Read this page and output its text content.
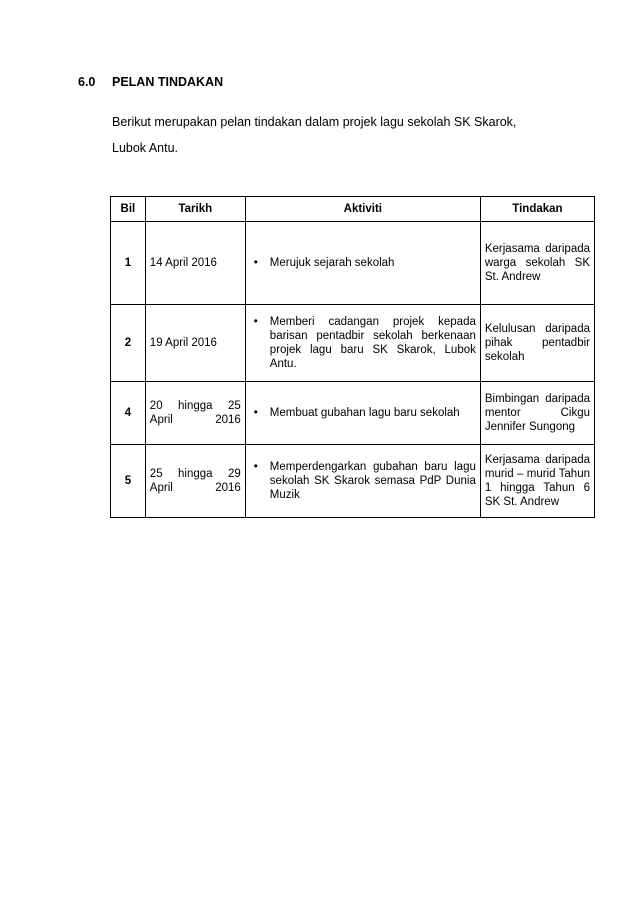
6.0	PELAN TINDAKAN
Berikut merupakan pelan tindakan dalam projek lagu sekolah SK Skarok,
Lubok Antu.
Bil	Tarikh	Aktiviti	Tindakan
1	14 April 2016	• Merujuk sejarah sekolah	Kerjasama daripada warga sekolah SK St. Andrew
2	19 April 2016	• Memberi cadangan projek kepada barisan pentadbir sekolah berkenaan projek lagu baru SK Skarok, Lubok Antu.	Kelulusan daripada pihak pentadbir sekolah
4	20 hingga 25 April 2016	• Membuat gubahan lagu baru sekolah	Bimbingan daripada mentor Cikgu Jennifer Sungong
5	25 hingga 29 April 2016	• Memperdengarkan gubahan baru lagu sekolah SK Skarok semasa PdP Dunia Muzik	Kerjasama daripada murid – murid Tahun 1 hingga Tahun 6 SK St. Andrew
